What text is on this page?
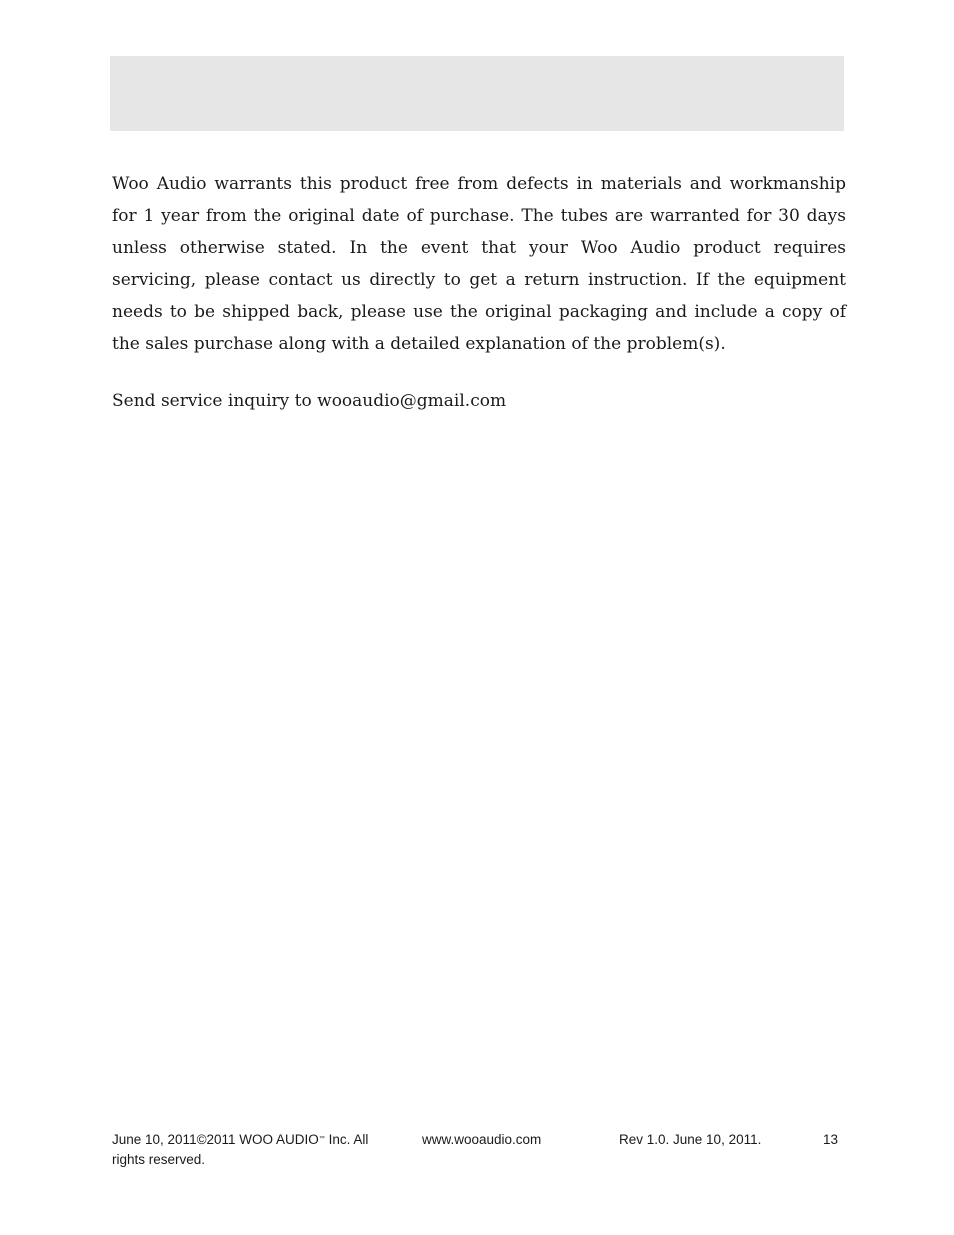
Woo Audio warrants this product free from defects in materials and workmanship for 1 year from the original date of purchase. The tubes are warranted for 30 days unless otherwise stated. In the event that your Woo Audio product requires servicing, please contact us directly to get a return instruction. If the equipment needs to be shipped back, please use the original packaging and include a copy of the sales purchase along with a detailed explanation of the problem(s).

Send service inquiry to wooaudio@gmail.com

June 10, 2011©2011 WOO AUDIO™ Inc. All rights reserved.
www.wooaudio.com	Rev 1.0. June 10, 2011.	13
